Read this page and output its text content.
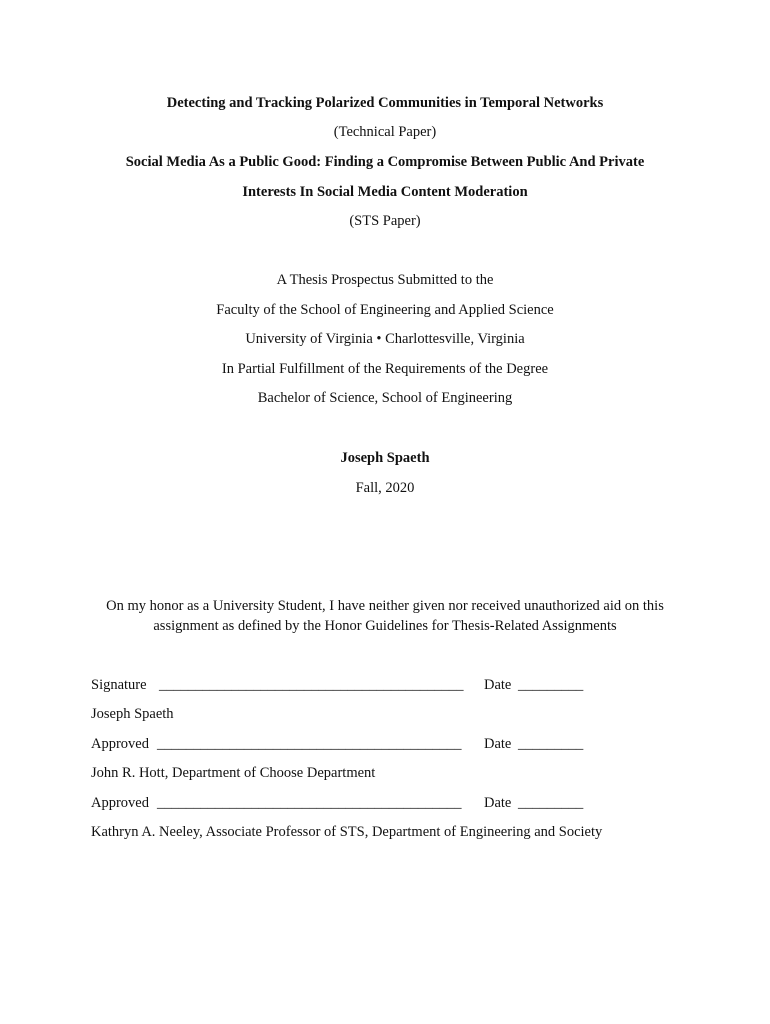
Detecting and Tracking Polarized Communities in Temporal Networks
(Technical Paper)
Social Media As a Public Good: Finding a Compromise Between Public And Private
Interests In Social Media Content Moderation
(STS Paper)
A Thesis Prospectus Submitted to the
Faculty of the School of Engineering and Applied Science
University of Virginia • Charlottesville, Virginia
In Partial Fulfillment of the Requirements of the Degree
Bachelor of Science, School of Engineering
Joseph Spaeth
Fall, 2020
On my honor as a University Student, I have neither given nor received unauthorized aid on this
assignment as defined by the Honor Guidelines for Thesis-Related Assignments
Signature __________________________________________ Date _________
Joseph Spaeth
Approved __________________________________________ Date _________
John R. Hott, Department of Choose Department
Approved __________________________________________ Date _________
Kathryn A. Neeley, Associate Professor of STS, Department of Engineering and Society
